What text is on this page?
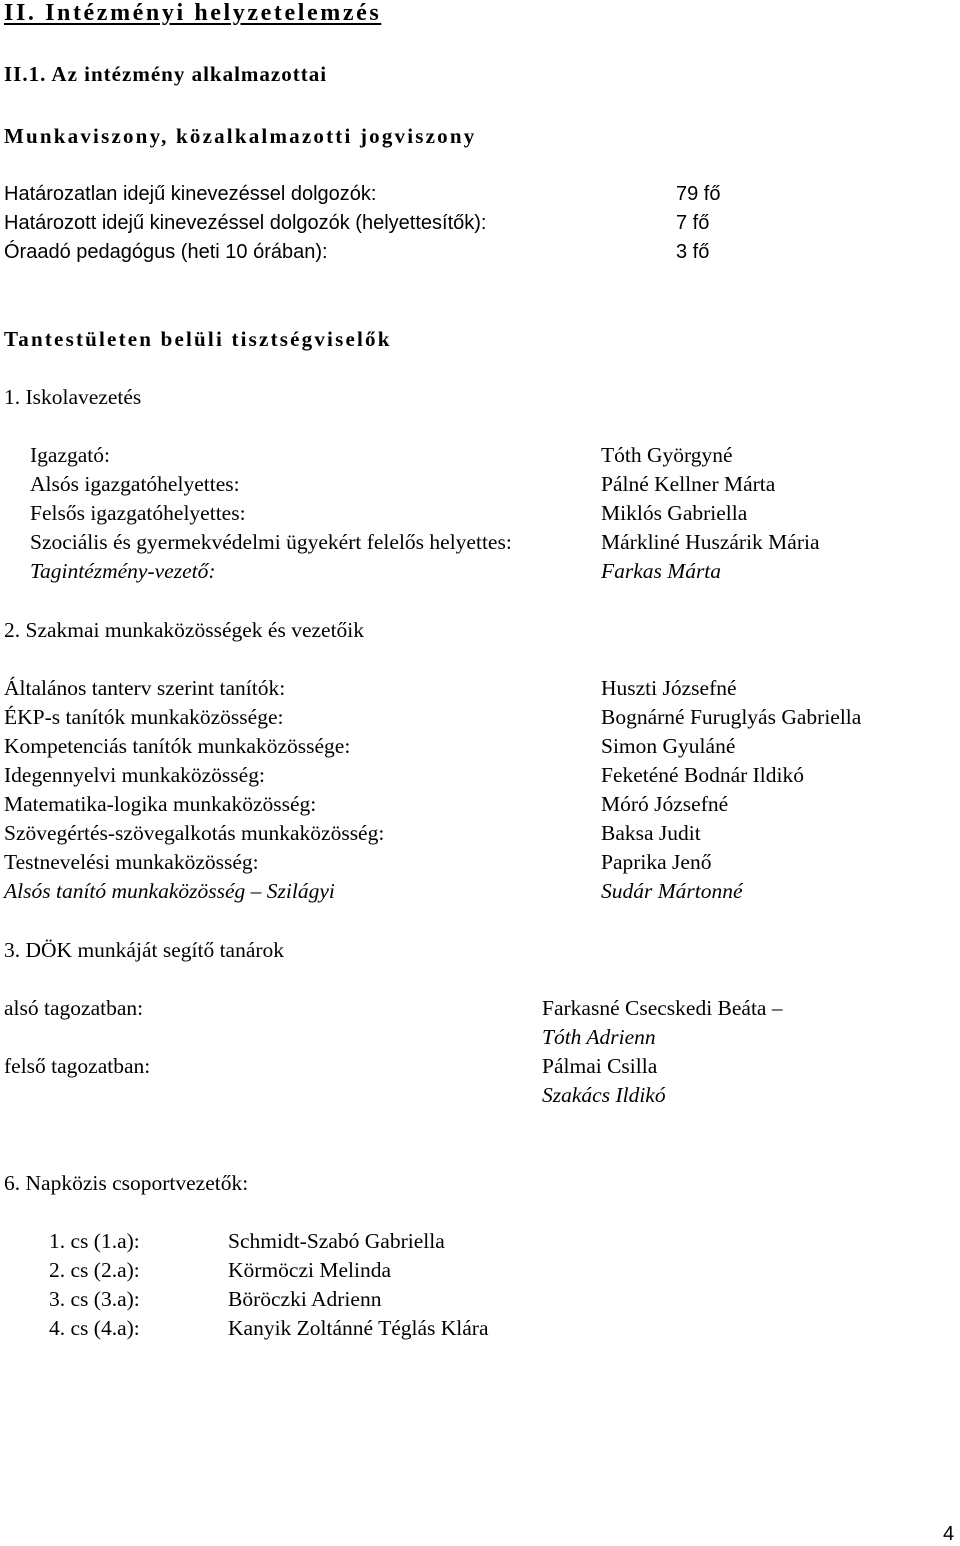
II. Intézményi helyzetelemzés
II.1. Az intézmény alkalmazottai
Munkaviszony, közalkalmazotti jogviszony
Határozatlan idejű kinevezéssel dolgozók:	79 fő
Határozott idejű kinevezéssel dolgozók (helyettesítők):	7 fő
Óraadó pedagógus (heti 10 órában):	3 fő
Tantestületen belüli tisztségviselők
1. Iskolavezetés
Igazgató:	Tóth Györgyné
Alsós igazgatóhelyettes:	Pálné Kellner Márta
Felsős igazgatóhelyettes:	Miklós Gabriella
Szociális és gyermekvédelmi ügyekért felelős helyettes:	Márkliné Huszárik Mária
Tagintézmény-vezető:	Farkas Márta
2. Szakmai munkaközösségek és vezetőik
Általános tanterv szerint tanítók:	Huszti Józsefné
ÉKP-s tanítók munkaközössége:	Bognárné Furuglyás Gabriella
Kompetenciás tanítók munkaközössége:	Simon Gyuláné
Idegennyelvi munkaközösség:	Feketéné Bodnár Ildikó
Matematika-logika munkaközösség:	Móró Józsefné
Szövegértés-szövegalkotás munkaközösség:	Baksa Judit
Testnevelési munkaközösség:	Paprika Jenő
Alsós tanító munkaközösség – Szilágyi	Sudár Mártonné
3. DÖK munkáját segítő tanárok
alsó tagozatban:	Farkasné Csecskedi Beáta –
Tóth Adrienn
felső tagozatban:	Pálmai Csilla
Szakács Ildikó
6. Napközis csoportvezetők:
1. cs (1.a):	Schmidt-Szabó Gabriella
2. cs (2.a):	Körmöczi Melinda
3. cs (3.a):	Böröczki Adrienn
4. cs (4.a):	Kanyik Zoltánné Téglás Klára
4
